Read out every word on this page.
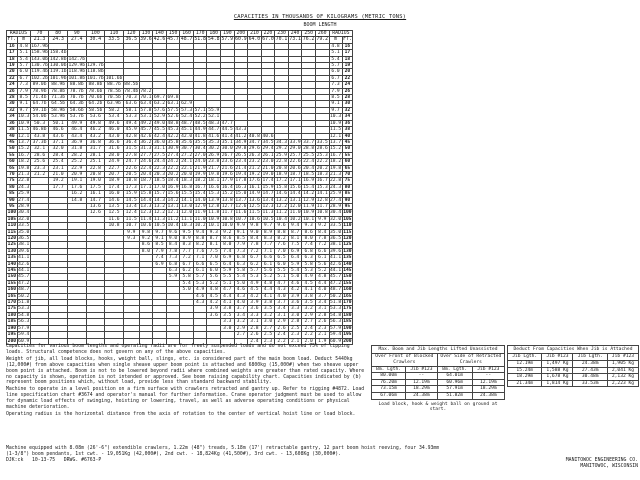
CAPACITIES IN THOUSANDS OF KILOGRAMS (METRIC TONS)
BOOM LENGTH
RADIUS		70	80	90	100	110	120	130	140	150	160	170	180	190	200	210	220	230	240	250	260	RADIUS	
FT.	m	21.3	24.3	27.4	30.4	33.5	36.5	39.6	42.6	45.7	48.7	51.8	54.8	57.9	60.9	64.0	67.0	70.1	73.1	76.2	79.2	m	FT.
16	4.8	167.9b																				4.8	16
17	5.1	158.9b	158.4b																			5.1	17
18	5.4	143.0b	142.8b	142.7b																		5.4	18
19	5.7	130.7b	130.0b	129.9b	129.7b																	5.7	19
20	6.0	119.4b	119.1b	118.9b	118.8b																	6.0	20
22	6.7	102.2b	101.9b	101.8b	101.7b	101.6b																6.7	22
24	7.3	89.0b	88.9b	88.8b	88.8b	88.7b	88.5b															7.3	24
26	7.9	78.9b	78.8b	78.7b	78.6b	78.5b	78.4b	78.2														7.9	26
28	8.5	71.4b	71.3b	70.7b	70.6b	70.5b	70.3	70.1	69.7	69.8												8.5	28
30	9.1	64.7b	64.5b	64.3b	64.2b	63.9b	63.6	63.4	63.2	63.1	62.9											9.1	30
32	9.7	59.1b	58.9b	58.6b	58.5b	58.2	58.1	57.8	57.6	57.5	57.3	57.1	55.9									9.7	32
34	10.3	54.0b	53.9b	53.7b	53.6	53.4	53.3	53.1	52.9	52.6	52.4	52.2	52.1									10.3	34
36	10.9	50.3	50.1	49.9	49.8	49.6	49.4	49.2	49.0	48.8	48.7	48.5	48.3	47.7								10.9	36
38	11.5	46.8b	46.6	46.4	46.2	46.0	45.9	45.7	45.5	45.3	45.1	44.9	44.7	44.5	43.3							11.5	38
40	12.1	43.8	43.6	43.4	43.2	43.0	42.8	42.6	42.4	42.2	42.0	41.8	41.6	41.4	41.2	40.8	40.6					12.1	40
45	13.7	37.3b	37.1	36.9	36.8	36.6	36.4	36.2	36.0	35.8	35.6	35.5	35.3	35.1	34.9	34.7	34.5	34.3	33.9	33.7	33.5	13.7	45
50	15.2	32.1	32.0	31.8	31.7	31.6	31.5	31.3	31.1	30.9	30.7	30.4	30.2	30.0	29.8	29.6	29.4	29.2	29.0	28.8	28.6	15.2	50
55	16.7	28.6	28.4	28.2	28.1	28.0	27.8	27.7	27.5	27.4	27.2	27.0	26.9	26.7	26.5	26.3	26.1	25.9	25.7	25.5	25.3	16.7	55
60	18.2	25.6	25.4	25.2	25.1	24.9	24.7	24.6	24.4	24.2	24.1	24.0	23.8	23.6	23.4	23.2	23.0	22.8	22.6	22.4	22.2	18.2	60
65	19.8	23.3	23.1	22.9	22.8	22.7	22.6	22.4	22.3	22.2	22.1	21.9	21.7	21.6	21.4	21.2	21.0	20.8	20.6	20.4	20.2	19.8	65
70	21.3	21.2	21.0	20.9	20.8	20.7	20.5	20.4	20.3	20.2	20.0	19.9	19.8	19.6	19.4	19.2	19.0	18.9	18.7	18.5	18.3	21.3	70
75	22.8		19.2	19.1	19.0	18.9	18.8	18.7	18.5	18.4	18.3	18.2	18.1	17.9	17.8	17.6	17.4	17.2	17.1	16.9	16.7	22.8	75
80	24.3		17.7	17.6	17.5	17.4	17.3	17.1	17.0	16.9	16.8	16.7	16.6	16.4	16.3	16.1	15.9	15.8	15.6	15.4	15.3	24.3	80
85	25.9			16.2	16.1	16.0	15.9	15.8	15.7	15.6	15.5	15.4	15.3	15.2	15.0	14.9	14.7	14.6	14.4	14.2	14.1	25.9	85
90	27.4			14.8	14.7	14.6	14.5	14.4	14.3	14.2	14.1	14.0	13.9	13.8	13.7	13.6	13.4	13.2	13.1	12.9	12.8	27.4	90
95	28.9				13.6	13.5	13.4	13.3	13.2	13.1	13.0	12.9	12.8	12.7	12.6	12.5	12.3	12.2	12.0	11.9	11.7	28.9	95
100	30.4				12.6	12.5	12.4	12.3	12.2	12.1	12.0	11.9	11.8	11.7	11.6	11.5	11.3	11.2	11.0	10.9	10.8	30.4	100
105	32.0					11.6	11.5	11.4	11.3	11.2	11.1	11.0	10.9	10.8	10.7	10.6	10.5	10.4	10.2	10.1	9.9	32.0	105
110	33.5					10.8	10.7	10.6	10.5	10.4	10.3	10.2	10.1	10.0	9.9	9.8	9.7	9.6	9.4	9.3	9.2	33.5	110
115	35.0						9.9	9.8	9.7	9.6	9.5	9.4	9.3	9.2	9.1	9.0	8.9	8.8	8.7	8.6	8.4	35.0	115
120	36.5						9.3	9.2	9.1	9.0	8.9	8.8	8.7	8.6	8.5	8.4	8.3	8.2	8.1	8.0	7.8	36.5	120
125	38.1							8.6	8.5	8.4	8.3	8.2	8.1	8.0	7.9	7.8	7.7	7.6	7.5	7.4	7.2	38.1	125
130	39.6							8.0	7.9	7.8	7.7	7.6	7.5	7.4	7.3	7.2	7.1	7.0	6.9	6.8	6.6	39.6	130
135	41.1								7.4	7.3	7.2	7.1	7.0	6.9	6.8	6.7	6.6	6.5	6.4	6.3	6.1	41.1	135
140	42.6								6.9	6.8	6.7	6.6	6.5	6.4	6.3	6.2	6.1	6.0	5.9	5.8	5.6	42.6	140
145	44.1									6.3	6.2	6.1	6.0	5.9	5.8	5.7	5.6	5.5	5.4	5.3	5.2	44.1	145
150	45.7									5.9	5.8	5.7	5.6	5.5	5.4	5.3	5.2	5.1	5.0	4.9	4.8	45.7	150
155	47.2										5.4	5.3	5.2	5.1	5.0	4.9	4.8	4.7	4.6	4.5	4.4	47.2	155
160	48.7										5.0	4.9	4.8	4.7	4.6	4.5	4.4	4.3	4.2	4.1	4.0	48.7	160
165	50.2											4.6	4.5	4.4	4.3	4.2	4.1	4.0	3.9	3.8	3.7	50.2	165
170	51.8											4.3	4.2	4.1	4.0	3.9	3.8	3.7	3.6	3.5	3.4	51.8	170
175	53.3												3.9	3.8	3.7	3.6	3.5	3.4	3.3	3.2	3.1	53.3	175
180	54.8												3.6	3.5	3.4	3.3	3.2	3.1	3.0	2.9	2.8	54.8	180
185	56.3													3.3	3.2	3.1	3.0	2.9	2.8	2.7	2.6	56.3	185
190	57.9													3.0	2.9	2.8	2.7	2.6	2.5	2.4	2.3	57.9	190
195	59.4														2.7	2.6	2.5	2.4	2.3	2.2	2.1	59.4	195
200	60.9															2.4	2.3	2.2	2.1	2.0	1.9	60.9	200

Capacities for various boom lengths and operating radii are for freely suspended loads and do not exceed 75% of tipping loads. Structural competence does not govern on any of the above capacities.

Weight of jib, all load blocks, hooks, weight ball, slings, etc. is considered part of the main boom load. Deduct 5440kg (12,000#) from above capacities when single sheave upper boom point is attached and 6800kg (15,000#) when two sheave upper boom point is attached. Boom is not to be lowered beyond radii where combined weights are greater than rated capacity. Where no capacity is shown, operation is not intended or approved. See boom raising capability chart. Capacities indicated by (b) represent boom positions which, without load, provide less than standard backward stability.

Machine to operate in a level position on a firm surface with crawlers retracted and gantry up. Refer to rigging #4872. Load line specification chart #3674 and operator's manual for further information. Crane operator judgment must be used to allow for dynamic load effects of swinging, hoisting or lowering, travel, as well as adverse operating conditions or physical machine deterioration.

Operating radius is the horizontal distance from the axis of rotation to the center of vertical hoist line or load block.

Max. Boom and Jib Lengths Lifted Unassisted
Over Front of Blocked Crawlers		Over Side of Retracted Crawlers	
Bm. Lgth.	Jib #123	Bm. Lgth.	Jib #123
80.00m	--	64.01m	--
76.20m	12.19m	60.96m	12.19m
73.15m	18.29m	57.91m	18.29m
67.06m	24.38m	51.82m	24.38m
Load block, hook & weight ball on ground at start.
Deduct From Capacities When Jib is Attached
Jib Lgth.	Jib #123	Jib Lgth.	Jib #123
12.19m	1,497 Kg	24.38m	1,905 Kg
15.24m	1,588 Kg	27.43m	2,041 Kg
18.29m	1,678 Kg	30.48m	2,132 Kg
21.34m	1,814 Kg	33.53m	2,223 Kg
Machine equipped with 8.08m (26'-6") extendible crawlers, 1.22m (48") treads, 5.18m (17') retractable gantry, 12 part boom hoist reeving, four 34.93mm
(1-3/8") boom pendants, 1st cwt. - 19,051Kg (42,000#), 2nd cwt. - 18,824Kg (41,500#), 3rd cwt. - 13,608Kg (30,000#).
DJK:ck 10-13-75 DRWG. #6763-P	MANITOWOC ENGINEERING CO.
MANITOWOC, WISCONSIN
